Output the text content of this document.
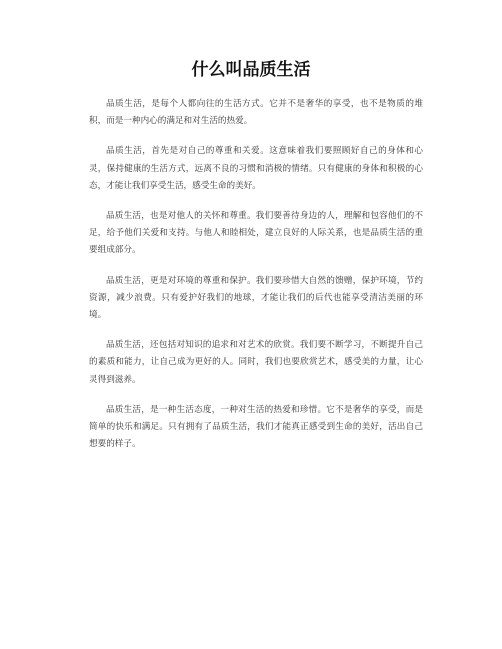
什么叫品质生活

品质生活，是每个人都向往的生活方式。它并不是奢华的享受，也不是物质的堆积，而是一种内心的满足和对生活的热爱。

品质生活，首先是对自己的尊重和关爱。这意味着我们要照顾好自己的身体和心灵，保持健康的生活方式，远离不良的习惯和消极的情绪。只有健康的身体和积极的心态，才能让我们享受生活，感受生命的美好。

品质生活，也是对他人的关怀和尊重。我们要善待身边的人，理解和包容他们的不足，给予他们关爱和支持。与他人和睦相处，建立良好的人际关系，也是品质生活的重要组成部分。

品质生活，更是对环境的尊重和保护。我们要珍惜大自然的馈赠，保护环境，节约资源，减少浪费。只有爱护好我们的地球，才能让我们的后代也能享受清洁美丽的环境。

品质生活，还包括对知识的追求和对艺术的欣赏。我们要不断学习，不断提升自己的素质和能力，让自己成为更好的人。同时，我们也要欣赏艺术，感受美的力量，让心灵得到滋养。

品质生活，是一种生活态度，一种对生活的热爱和珍惜。它不是奢华的享受，而是简单的快乐和满足。只有拥有了品质生活，我们才能真正感受到生命的美好，活出自己想要的样子。
